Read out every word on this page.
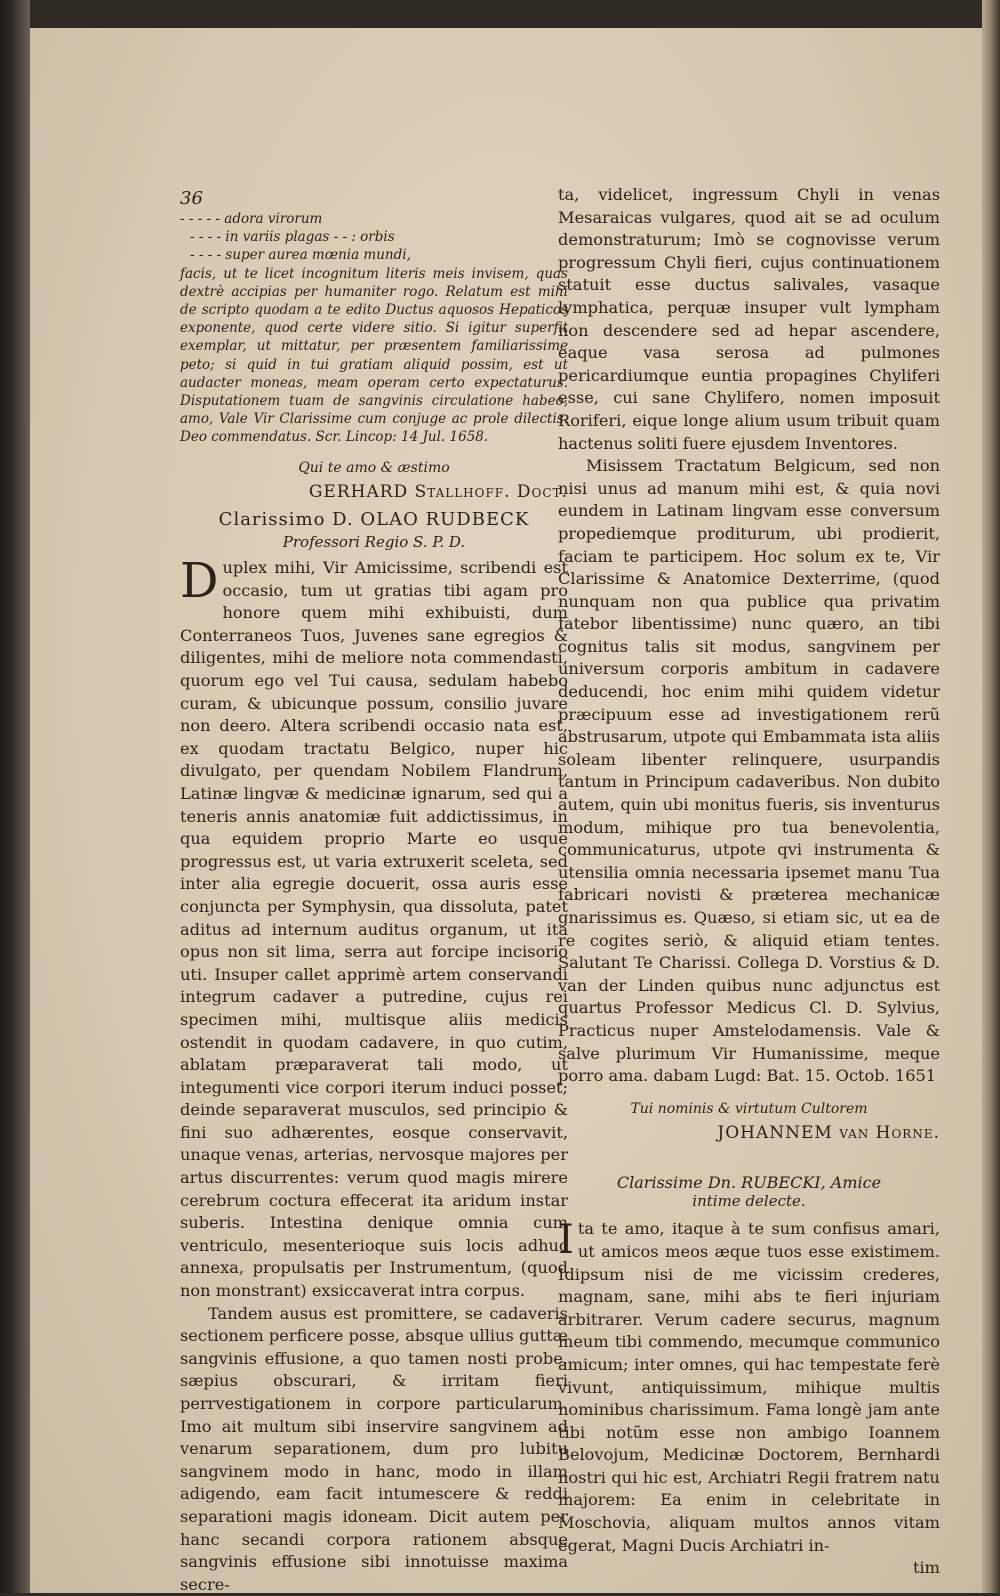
36
- - - - - adora virorum
- - - - in variis plagas - - : orbis
- - - - super aurea mœnia mundi,

facis, ut te licet incognitum literis meis invisem, quas dextrè accipias per humaniter rogo. Relatum est mihi de scripto quodam a te edito Ductus aquosos Hepaticos exponente, quod certe videre sitio. Si igitur superfit exemplar, ut mittatur, per præsentem familiarissime peto; si quid in tui gratiam aliquid possim, est ut audacter moneas, meam operam certo expectaturus. Disputationem tuam de sangvinis circulatione habeo, amo, Vale Vir Clarissime cum conjuge ac prole dilectis. Deo commendatus. Scr. Lincop: 14 Jul. 1658.

Qui te amo & æstimo
GERHARD Stallhoff. Doct.
Clarissimo D. OLAO RUDBECK
Professori Regio S. P. D.

Duplex mihi, Vir Amicissime, scribendi est occasio, tum ut gratias tibi agam pro honore quem mihi exhibuisti, dum Conterraneos Tuos, Juvenes sane egregios & diligentes, mihi de meliore nota commendasti, quorum ego vel Tui causa, sedulam habebo curam, & ubicunque possum, consilio juvare non deero. Altera scribendi occasio nata est, ex quodam tractatu Belgico, nuper hic divulgato, per quendam Nobilem Flandrum, Latinæ lingvæ & medicinæ ignarum, sed qui a teneris annis anatomiæ fuit addictissimus, in qua equidem proprio Marte eo usque progressus est, ut varia extruxerit sceleta, sed inter alia egregie docuerit, ossa auris esse conjuncta per Symphysin, qua dissoluta, patet aditus ad internum auditus organum, ut ita opus non sit lima, serra aut forcipe incisorio uti. Insuper callet apprimè artem conservandi integrum cadaver a putredine, cujus rei specimen mihi, multisque aliis medicis ostendit in quodam cadavere, in quo cutim, ablatam præparaverat tali modo, ut integumenti vice corpori iterum induci posset; deinde separaverat musculos, sed principio & fini suo adhærentes, eosque conservavit, unaque venas, arterias, nervosque majores per artus discurrentes: verum quod magis mirere cerebrum coctura effecerat ita aridum instar suberis. Intestina denique omnia cum ventriculo, mesenterioque suis locis adhuc annexa, propulsatis per Instrumentum, (quod non monstrant) exsiccaverat intra corpus.

Tandem ausus est promittere, se cadaveris sectionem perficere posse, absque ullius guttæ sangvinis effusione, a quo tamen nosti probe, sæpius obscurari, & irritam fieri perrvestigationem in corpore particularum. Imo ait multum sibi inservire sangvinem ad venarum separationem, dum pro lubitu sangvinem modo in hanc, modo in illam adigendo, eam facit intumescere & reddi separationi magis idoneam. Dicit autem per hanc secandi corpora rationem absque sangvinis effusione sibi innotuisse maxima secre-

ta, videlicet, ingressum Chyli in venas Mesaraicas vulgares, quod ait se ad oculum demonstraturum; Imò se cognovisse verum progressum Chyli fieri, cujus continuationem statuit esse ductus salivales, vasaque lymphatica, perquæ insuper vult lympham non descendere sed ad hepar ascendere, eaque vasa serosa ad pulmones pericardiumque euntia propagines Chyliferi esse, cui sane Chylifero, nomen imposuit Roriferi, eique longe alium usum tribuit quam hactenus soliti fuere ejusdem Inventores.

Misissem Tractatum Belgicum, sed non nisi unus ad manum mihi est, & quia novi eundem in Latinam lingvam esse conversum propediemque proditurum, ubi prodierit, faciam te participem. Hoc solum ex te, Vir Clarissime & Anatomice Dexterrime, (quod nunquam non qua publice qua privatim fatebor libentissime) nunc quæro, an tibi cognitus talis sit modus, sangvinem per universum corporis ambitum in cadavere deducendi, hoc enim mihi quidem videtur præcipuum esse ad investigationem rerũ abstrusarum, utpote qui Embammata ista aliis soleam libenter relinquere, usurpandis tantum in Principum cadaveribus. Non dubito autem, quin ubi monitus fueris, sis inventurus modum, mihique pro tua benevolentia, communicaturus, utpote qvi instrumenta & utensilia omnia necessaria ipsemet manu Tua fabricari novisti & præterea mechanicæ gnarissimus es. Quæso, si etiam sic, ut ea de re cogites seriò, & aliquid etiam tentes. Salutant Te Charissi. Collega D. Vorstius & D. van der Linden quibus nunc adjunctus est quartus Professor Medicus Cl. D. Sylvius, Practicus nuper Amstelodamensis. Vale & salve plurimum Vir Humanissime, meque porro ama. dabam Lugd: Bat. 15. Octob. 1651

Tui nominis & virtutum Cultorem
JOHANNEM van Horne.
Clarissime Dn. RUBECKI, Amice
intime delecte.

Ita te amo, itaque à te sum confisus amari, ut amicos meos æque tuos esse existimem. Idipsum nisi de me vicissim crederes, magnam, sane, mihi abs te fieri injuriam arbitrarer. Verum cadere securus, magnum meum tibi commendo, mecumque communico amicum; inter omnes, qui hac tempestate ferè vivunt, antiquissimum, mihique multis nominibus charissimum. Fama longè jam ante tibi notũm esse non ambigo Ioannem Belovojum, Medicinæ Doctorem, Bernhardi nostri qui hic est, Archiatri Regii fratrem natu majorem: Ea enim in celebritate in Moschovia, aliquam multos annos vitam egerat, Magni Ducis Archiatri in-

tim
